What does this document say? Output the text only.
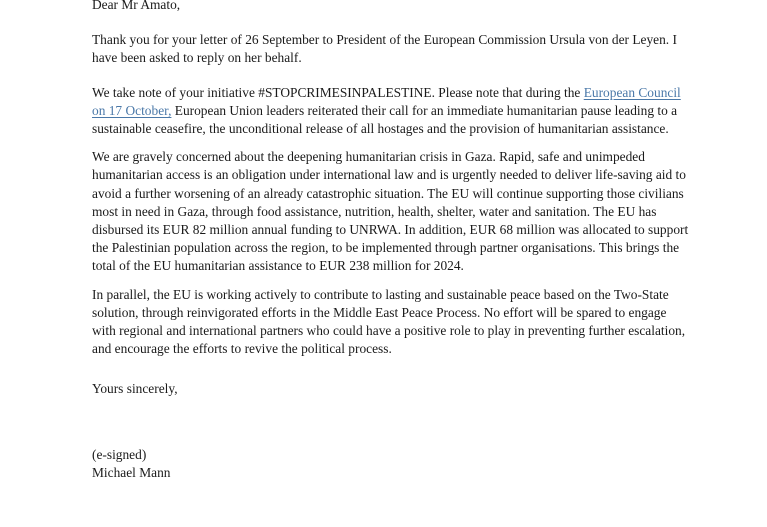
Dear Mr Amato,

Thank you for your letter of 26 September to President of the European Commission Ursula von der Leyen. I have been asked to reply on her behalf.

We take note of your initiative #STOPCRIMESINPALESTINE. Please note that during the European Council on 17 October, European Union leaders reiterated their call for an immediate humanitarian pause leading to a sustainable ceasefire, the unconditional release of all hostages and the provision of humanitarian assistance.

We are gravely concerned about the deepening humanitarian crisis in Gaza. Rapid, safe and unimpeded humanitarian access is an obligation under international law and is urgently needed to deliver life-saving aid to avoid a further worsening of an already catastrophic situation. The EU will continue supporting those civilians most in need in Gaza, through food assistance, nutrition, health, shelter, water and sanitation. The EU has disbursed its EUR 82 million annual funding to UNRWA. In addition, EUR 68 million was allocated to support the Palestinian population across the region, to be implemented through partner organisations. This brings the total of the EU humanitarian assistance to EUR 238 million for 2024.

In parallel, the EU is working actively to contribute to lasting and sustainable peace based on the Two-State solution, through reinvigorated efforts in the Middle East Peace Process. No effort will be spared to engage with regional and international partners who could have a positive role to play in preventing further escalation, and encourage the efforts to revive the political process.

Yours sincerely,

(e-signed)

Michael Mann
